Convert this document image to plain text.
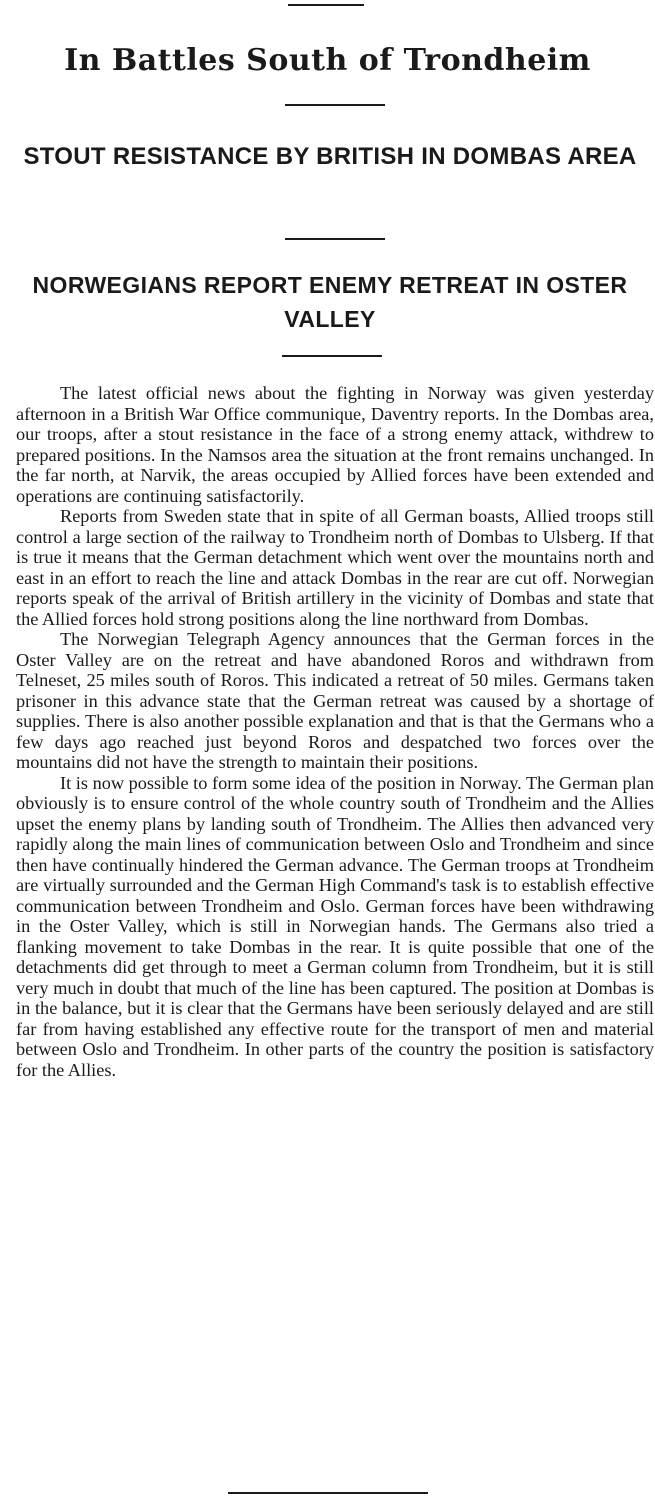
In Battles South of Trondheim
STOUT RESISTANCE BY BRITISH IN DOMBAS AREA
NORWEGIANS REPORT ENEMY RETREAT IN OSTER VALLEY

The latest official news about the fighting in Norway was given yesterday afternoon in a British War Office communique, Daventry reports. In the Dombas area, our troops, after a stout resistance in the face of a strong enemy attack, withdrew to prepared positions. In the Namsos area the situation at the front remains unchanged. In the far north, at Narvik, the areas occupied by Allied forces have been extended and operations are continuing satisfactorily.

Reports from Sweden state that in spite of all German boasts, Allied troops still control a large section of the railway to Trondheim north of Dombas to Ulsberg. If that is true it means that the German detachment which went over the mountains north and east in an effort to reach the line and attack Dombas in the rear are cut off. Norwegian reports speak of the arrival of British artillery in the vicinity of Dombas and state that the Allied forces hold strong positions along the line northward from Dombas.

The Norwegian Telegraph Agency announces that the German forces in the Oster Valley are on the retreat and have abandoned Roros and withdrawn from Telneset, 25 miles south of Roros. This indicated a retreat of 50 miles. Germans taken prisoner in this advance state that the German retreat was caused by a shortage of supplies. There is also another possible explanation and that is that the Germans who a few days ago reached just beyond Roros and despatched two forces over the mountains did not have the strength to maintain their positions.

It is now possible to form some idea of the position in Norway. The German plan obviously is to ensure control of the whole country south of Trondheim and the Allies upset the enemy plans by landing south of Trondheim. The Allies then advanced very rapidly along the main lines of communication between Oslo and Trondheim and since then have continually hindered the German advance. The German troops at Trondheim are virtually surrounded and the German High Command's task is to establish effective communication between Trondheim and Oslo. German forces have been withdrawing in the Oster Valley, which is still in Norwegian hands. The Germans also tried a flanking movement to take Dombas in the rear. It is quite possible that one of the detachments did get through to meet a German column from Trondheim, but it is still very much in doubt that much of the line has been captured. The position at Dombas is in the balance, but it is clear that the Germans have been seriously delayed and are still far from having established any effective route for the transport of men and material between Oslo and Trondheim. In other parts of the country the position is satisfactory for the Allies.
